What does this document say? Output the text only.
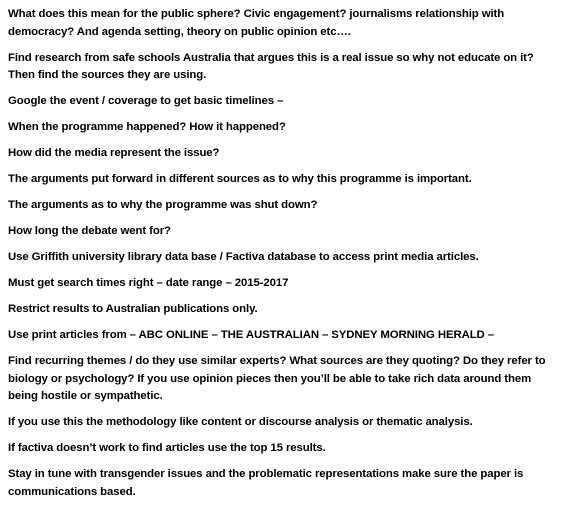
What does this mean for the public sphere? Civic engagement? journalisms relationship with democracy? And agenda setting, theory on public opinion etc….

Find research from safe schools Australia that argues this is a real issue so why not educate on it? Then find the sources they are using.

Google the event / coverage to get basic timelines –

When the programme happened? How it happened?

How did the media represent the issue?

The arguments put forward in different sources as to why this programme is important.

The arguments as to why the programme was shut down?

How long the debate went for?

Use Griffith university library data base / Factiva database to access print media articles.

Must get search times right – date range – 2015-2017

Restrict results to Australian publications only.

Use print articles from – ABC ONLINE – THE AUSTRALIAN – SYDNEY MORNING HERALD –

Find recurring themes / do they use similar experts? What sources are they quoting? Do they refer to biology or psychology? If you use opinion pieces then you’ll be able to take rich data around them being hostile or sympathetic.

If you use this the methodology like content or discourse analysis or thematic analysis.

If factiva doesn’t work to find articles use the top 15 results.

Stay in tune with transgender issues and the problematic representations make sure the paper is communications based.
